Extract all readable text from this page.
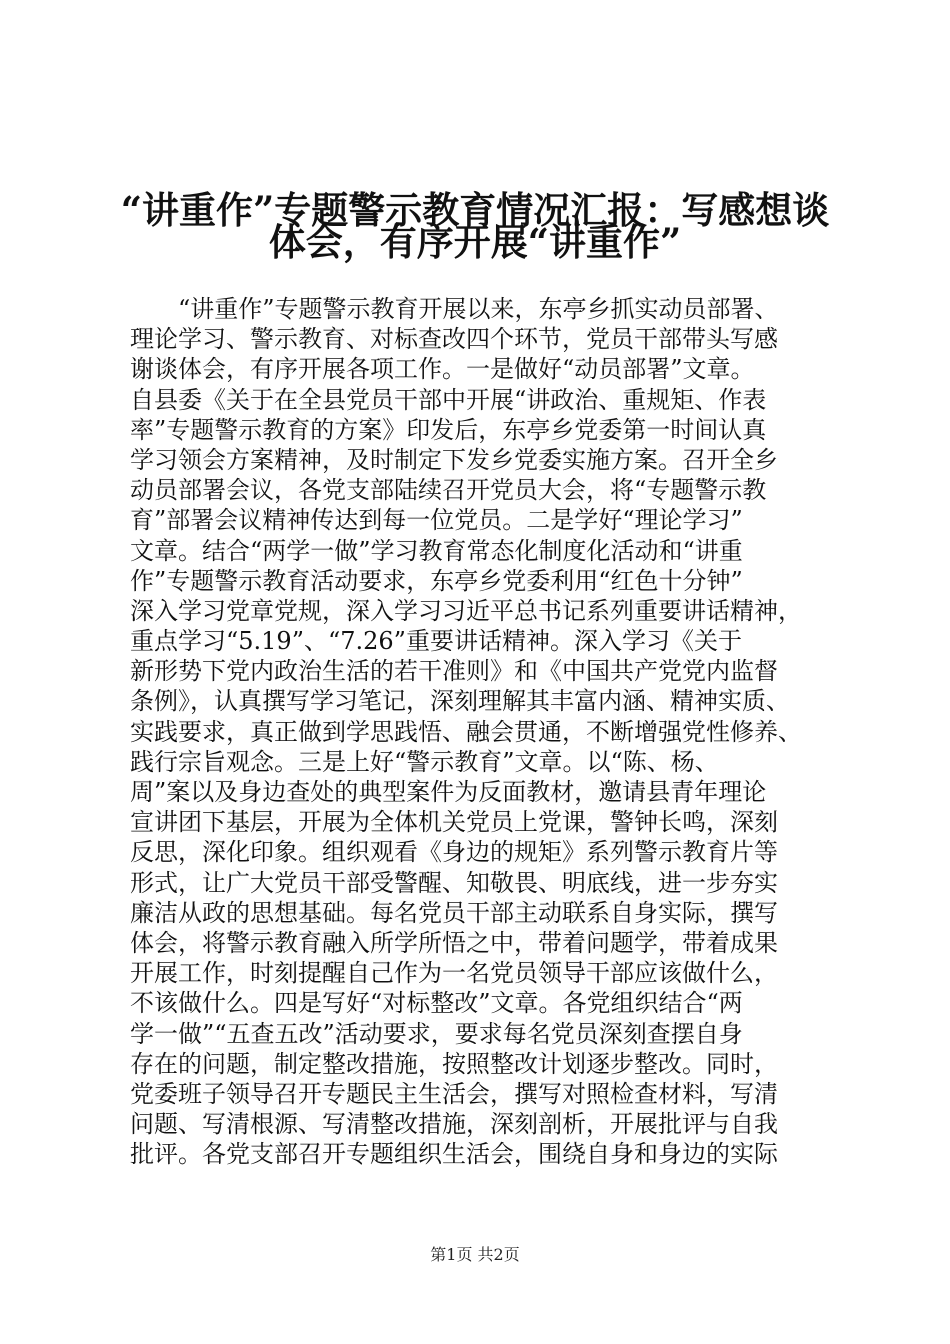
“讲重作”专题警示教育情况汇报：写感想谈
体会，有序开展“讲重作”
“讲重作”专题警示教育开展以来，东亭乡抓实动员部署、
理论学习、警示教育、对标查改四个环节，党员干部带头写感
谢谈体会，有序开展各项工作。一是做好“动员部署”文章。
自县委《关于在全县党员干部中开展“讲政治、重规矩、作表
率”专题警示教育的方案》印发后，东亭乡党委第一时间认真
学习领会方案精神，及时制定下发乡党委实施方案。召开全乡
动员部署会议，各党支部陆续召开党员大会，将“专题警示教
育”部署会议精神传达到每一位党员。二是学好“理论学习”
文章。结合“两学一做”学习教育常态化制度化活动和“讲重
作”专题警示教育活动要求，东亭乡党委利用“红色十分钟”
深入学习党章党规，深入学习习近平总书记系列重要讲话精神，
重点学习“5.19”、“7.26”重要讲话精神。深入学习《关于
新形势下党内政治生活的若干准则》和《中国共产党党内监督
条例》，认真撰写学习笔记，深刻理解其丰富内涵、精神实质、
实践要求，真正做到学思践悟、融会贯通，不断增强党性修养、
践行宗旨观念。三是上好“警示教育”文章。以“陈、杨、
周”案以及身边查处的典型案件为反面教材，邀请县青年理论
宣讲团下基层，开展为全体机关党员上党课，警钟长鸣，深刻
反思，深化印象。组织观看《身边的规矩》系列警示教育片等
形式，让广大党员干部受警醒、知敬畏、明底线，进一步夯实
廉洁从政的思想基础。每名党员干部主动联系自身实际，撰写
体会，将警示教育融入所学所悟之中，带着问题学，带着成果
开展工作，时刻提醒自己作为一名党员领导干部应该做什么，
不该做什么。四是写好“对标整改”文章。各党组织结合“两
学一做”“五查五改”活动要求，要求每名党员深刻查摆自身
存在的问题，制定整改措施，按照整改计划逐步整改。同时，
党委班子领导召开专题民主生活会，撰写对照检查材料，写清
问题、写清根源、写清整改措施，深刻剖析，开展批评与自我
批评。各党支部召开专题组织生活会，围绕自身和身边的实际
第1页 共2页
